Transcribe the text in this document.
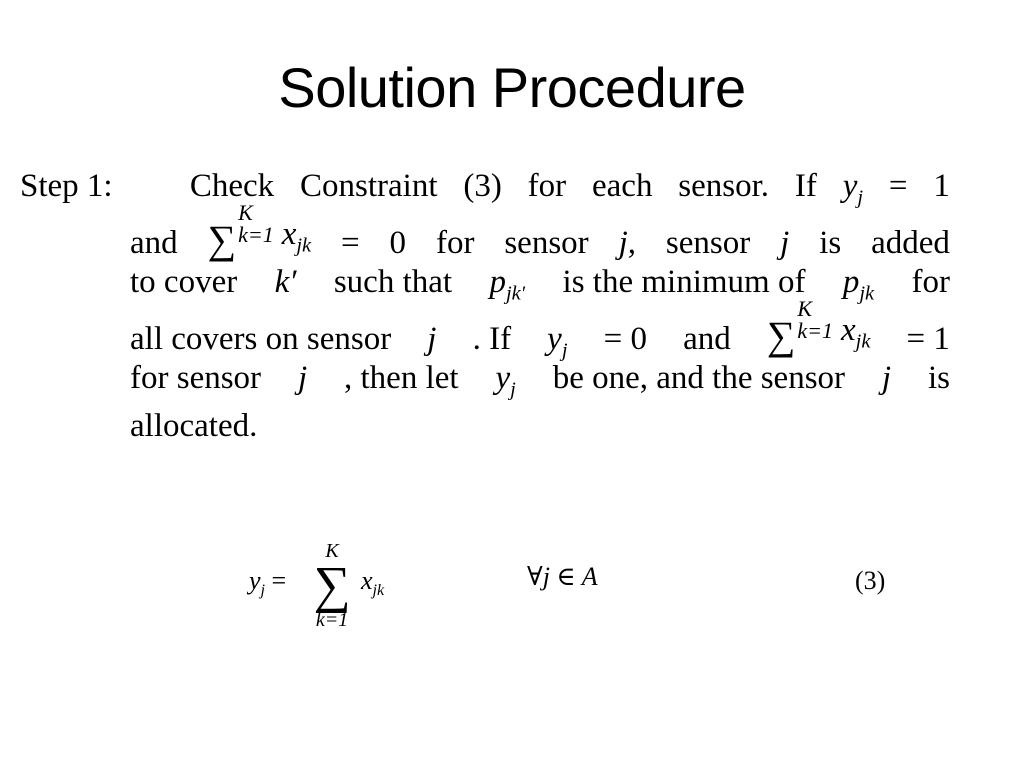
Solution Procedure
Step 1:	Check Constraint (3) for each sensor. If $y_j = 1$
and ∑
K
k=1 $x_{jk} = 0$ for sensor j, sensor j is added
to cover k′ such that $p_{jk'}$ is the minimum of $p_{jk}$ for
all covers on sensor j . If $y_j = 0$ and ∑
K
k=1 $x_{jk} = 1$
for sensor j , then let $y_j$ be one, and the sensor j is
allocated.
$y_j$ =
K
∑
k=1
$x_{jk}$	∀j ∈ A	(3)
